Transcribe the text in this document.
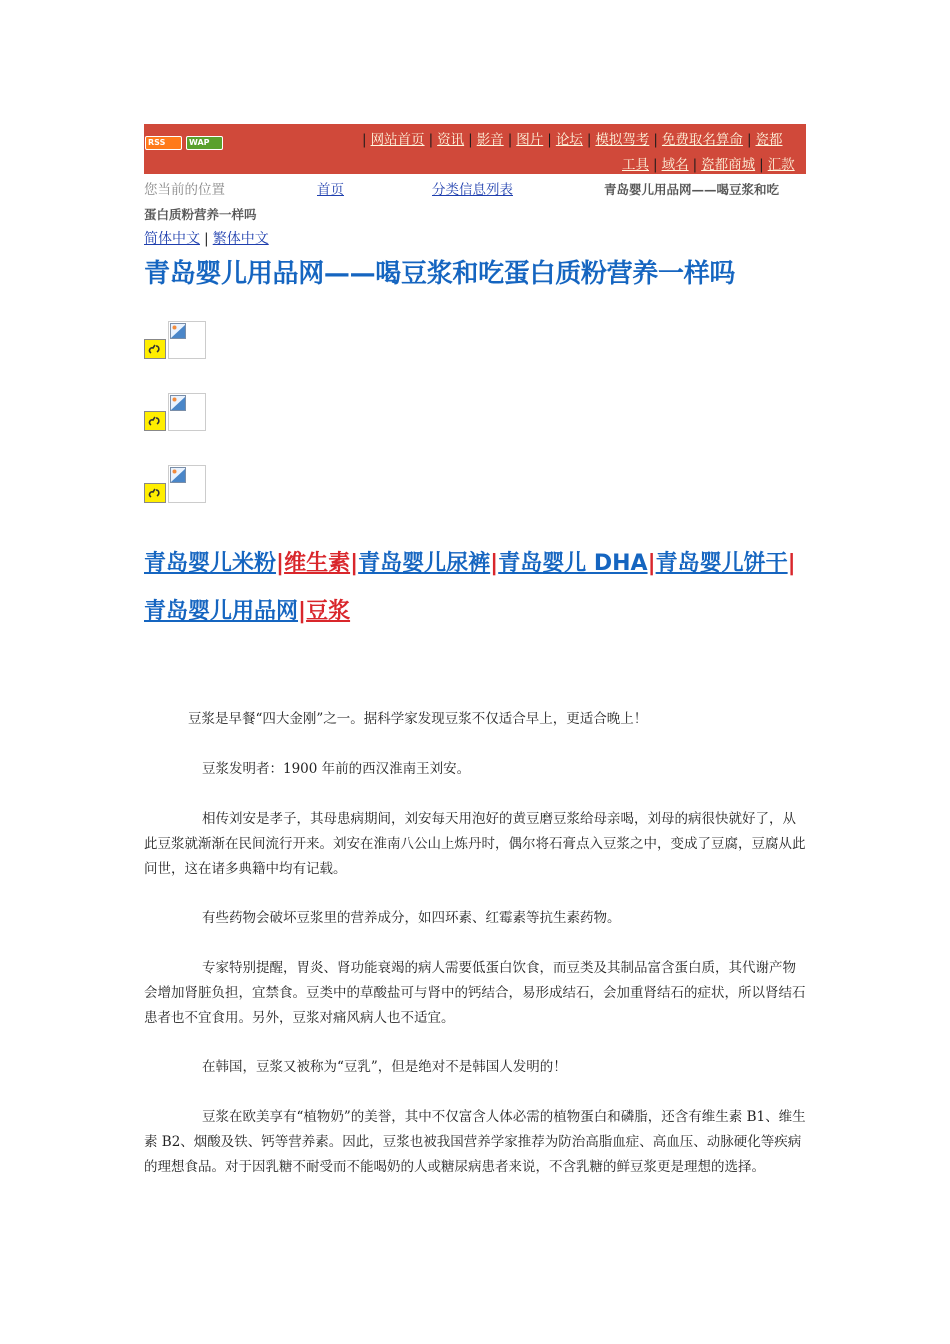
RSS	WAP	| 网站首页 | 资讯 | 影音 | 图片 | 论坛 | 模拟驾考 | 免费取名算命 | 瓷都
工具 | 域名 | 瓷都商城 | 汇款
您当前的位置	首页	分类信息列表	青岛婴儿用品网——喝豆浆和吃
蛋白质粉营养一样吗
简体中文 | 繁体中文
青岛婴儿用品网——喝豆浆和吃蛋白质粉营养一样吗
青岛婴儿米粉|维生素|青岛婴儿尿裤|青岛婴儿 DHA|青岛婴儿饼干|青岛婴儿用品网|豆浆

豆浆是早餐“四大金刚”之一。据科学家发现豆浆不仅适合早上，更适合晚上！

豆浆发明者：1900 年前的西汉淮南王刘安。

相传刘安是孝子，其母患病期间，刘安每天用泡好的黄豆磨豆浆给母亲喝，刘母的病很快就好了，从此豆浆就渐渐在民间流行开来。刘安在淮南八公山上炼丹时，偶尔将石膏点入豆浆之中，变成了豆腐，豆腐从此问世，这在诸多典籍中均有记载。

有些药物会破坏豆浆里的营养成分，如四环素、红霉素等抗生素药物。

专家特别提醒，胃炎、肾功能衰竭的病人需要低蛋白饮食，而豆类及其制品富含蛋白质，其代谢产物会增加肾脏负担，宜禁食。豆类中的草酸盐可与肾中的钙结合，易形成结石，会加重肾结石的症状，所以肾结石患者也不宜食用。另外，豆浆对痛风病人也不适宜。

在韩国，豆浆又被称为“豆乳”，但是绝对不是韩国人发明的！

豆浆在欧美享有“植物奶”的美誉，其中不仅富含人体必需的植物蛋白和磷脂，还含有维生素 B1、维生素 B2、烟酸及铁、钙等营养素。因此，豆浆也被我国营养学家推荐为防治高脂血症、高血压、动脉硬化等疾病的理想食品。对于因乳糖不耐受而不能喝奶的人或糖尿病患者来说，不含乳糖的鲜豆浆更是理想的选择。
